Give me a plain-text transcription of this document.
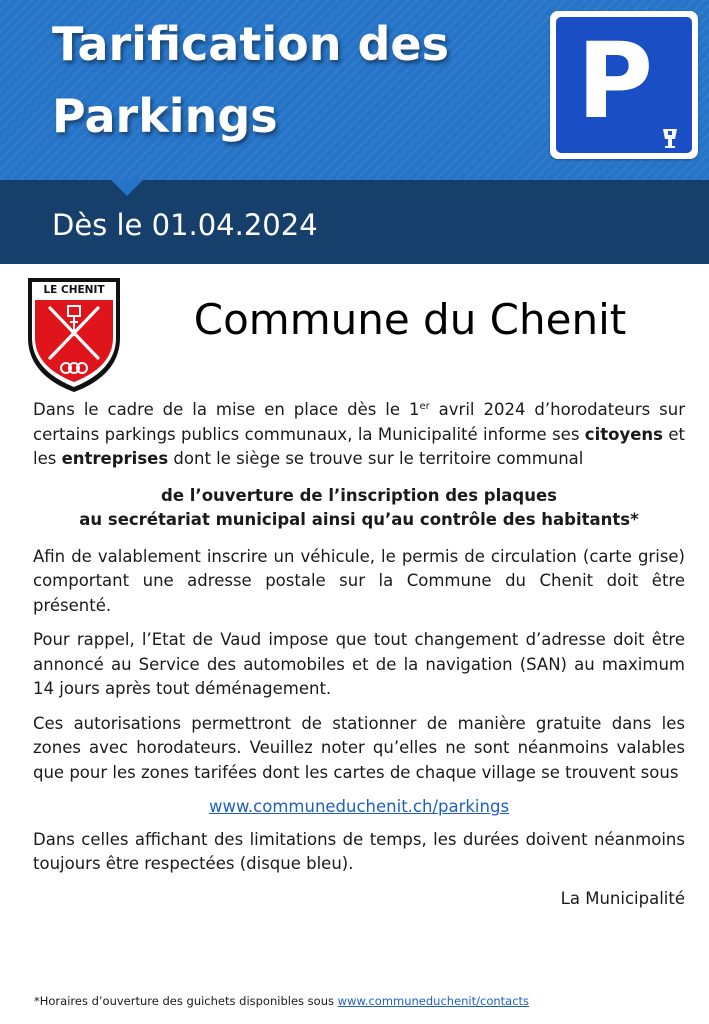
Tarification des
Parkings	P
Dès le 01.04.2024
LE CHENIT
Commune du Chenit

Dans le cadre de la mise en place dès le 1er avril 2024 d’horodateurs sur certains parkings publics communaux, la Municipalité informe ses citoyens et les entreprises dont le siège se trouve sur le territoire communal

de l’ouverture de l’inscription des plaques
au secrétariat municipal ainsi qu’au contrôle des habitants*

Afin de valablement inscrire un véhicule, le permis de circulation (carte grise) comportant une adresse postale sur la Commune du Chenit doit être présenté.

Pour rappel, l’Etat de Vaud impose que tout changement d’adresse doit être annoncé au Service des automobiles et de la navigation (SAN) au maximum 14 jours après tout déménagement.

Ces autorisations permettront de stationner de manière gratuite dans les zones avec horodateurs. Veuillez noter qu’elles ne sont néanmoins valables que pour les zones tarifées dont les cartes de chaque village se trouvent sous

www.communeduchenit.ch/parkings

Dans celles affichant des limitations de temps, les durées doivent néanmoins toujours être respectées (disque bleu).

La Municipalité

*Horaires d’ouverture des guichets disponibles sous www.communeduchenit/contacts
